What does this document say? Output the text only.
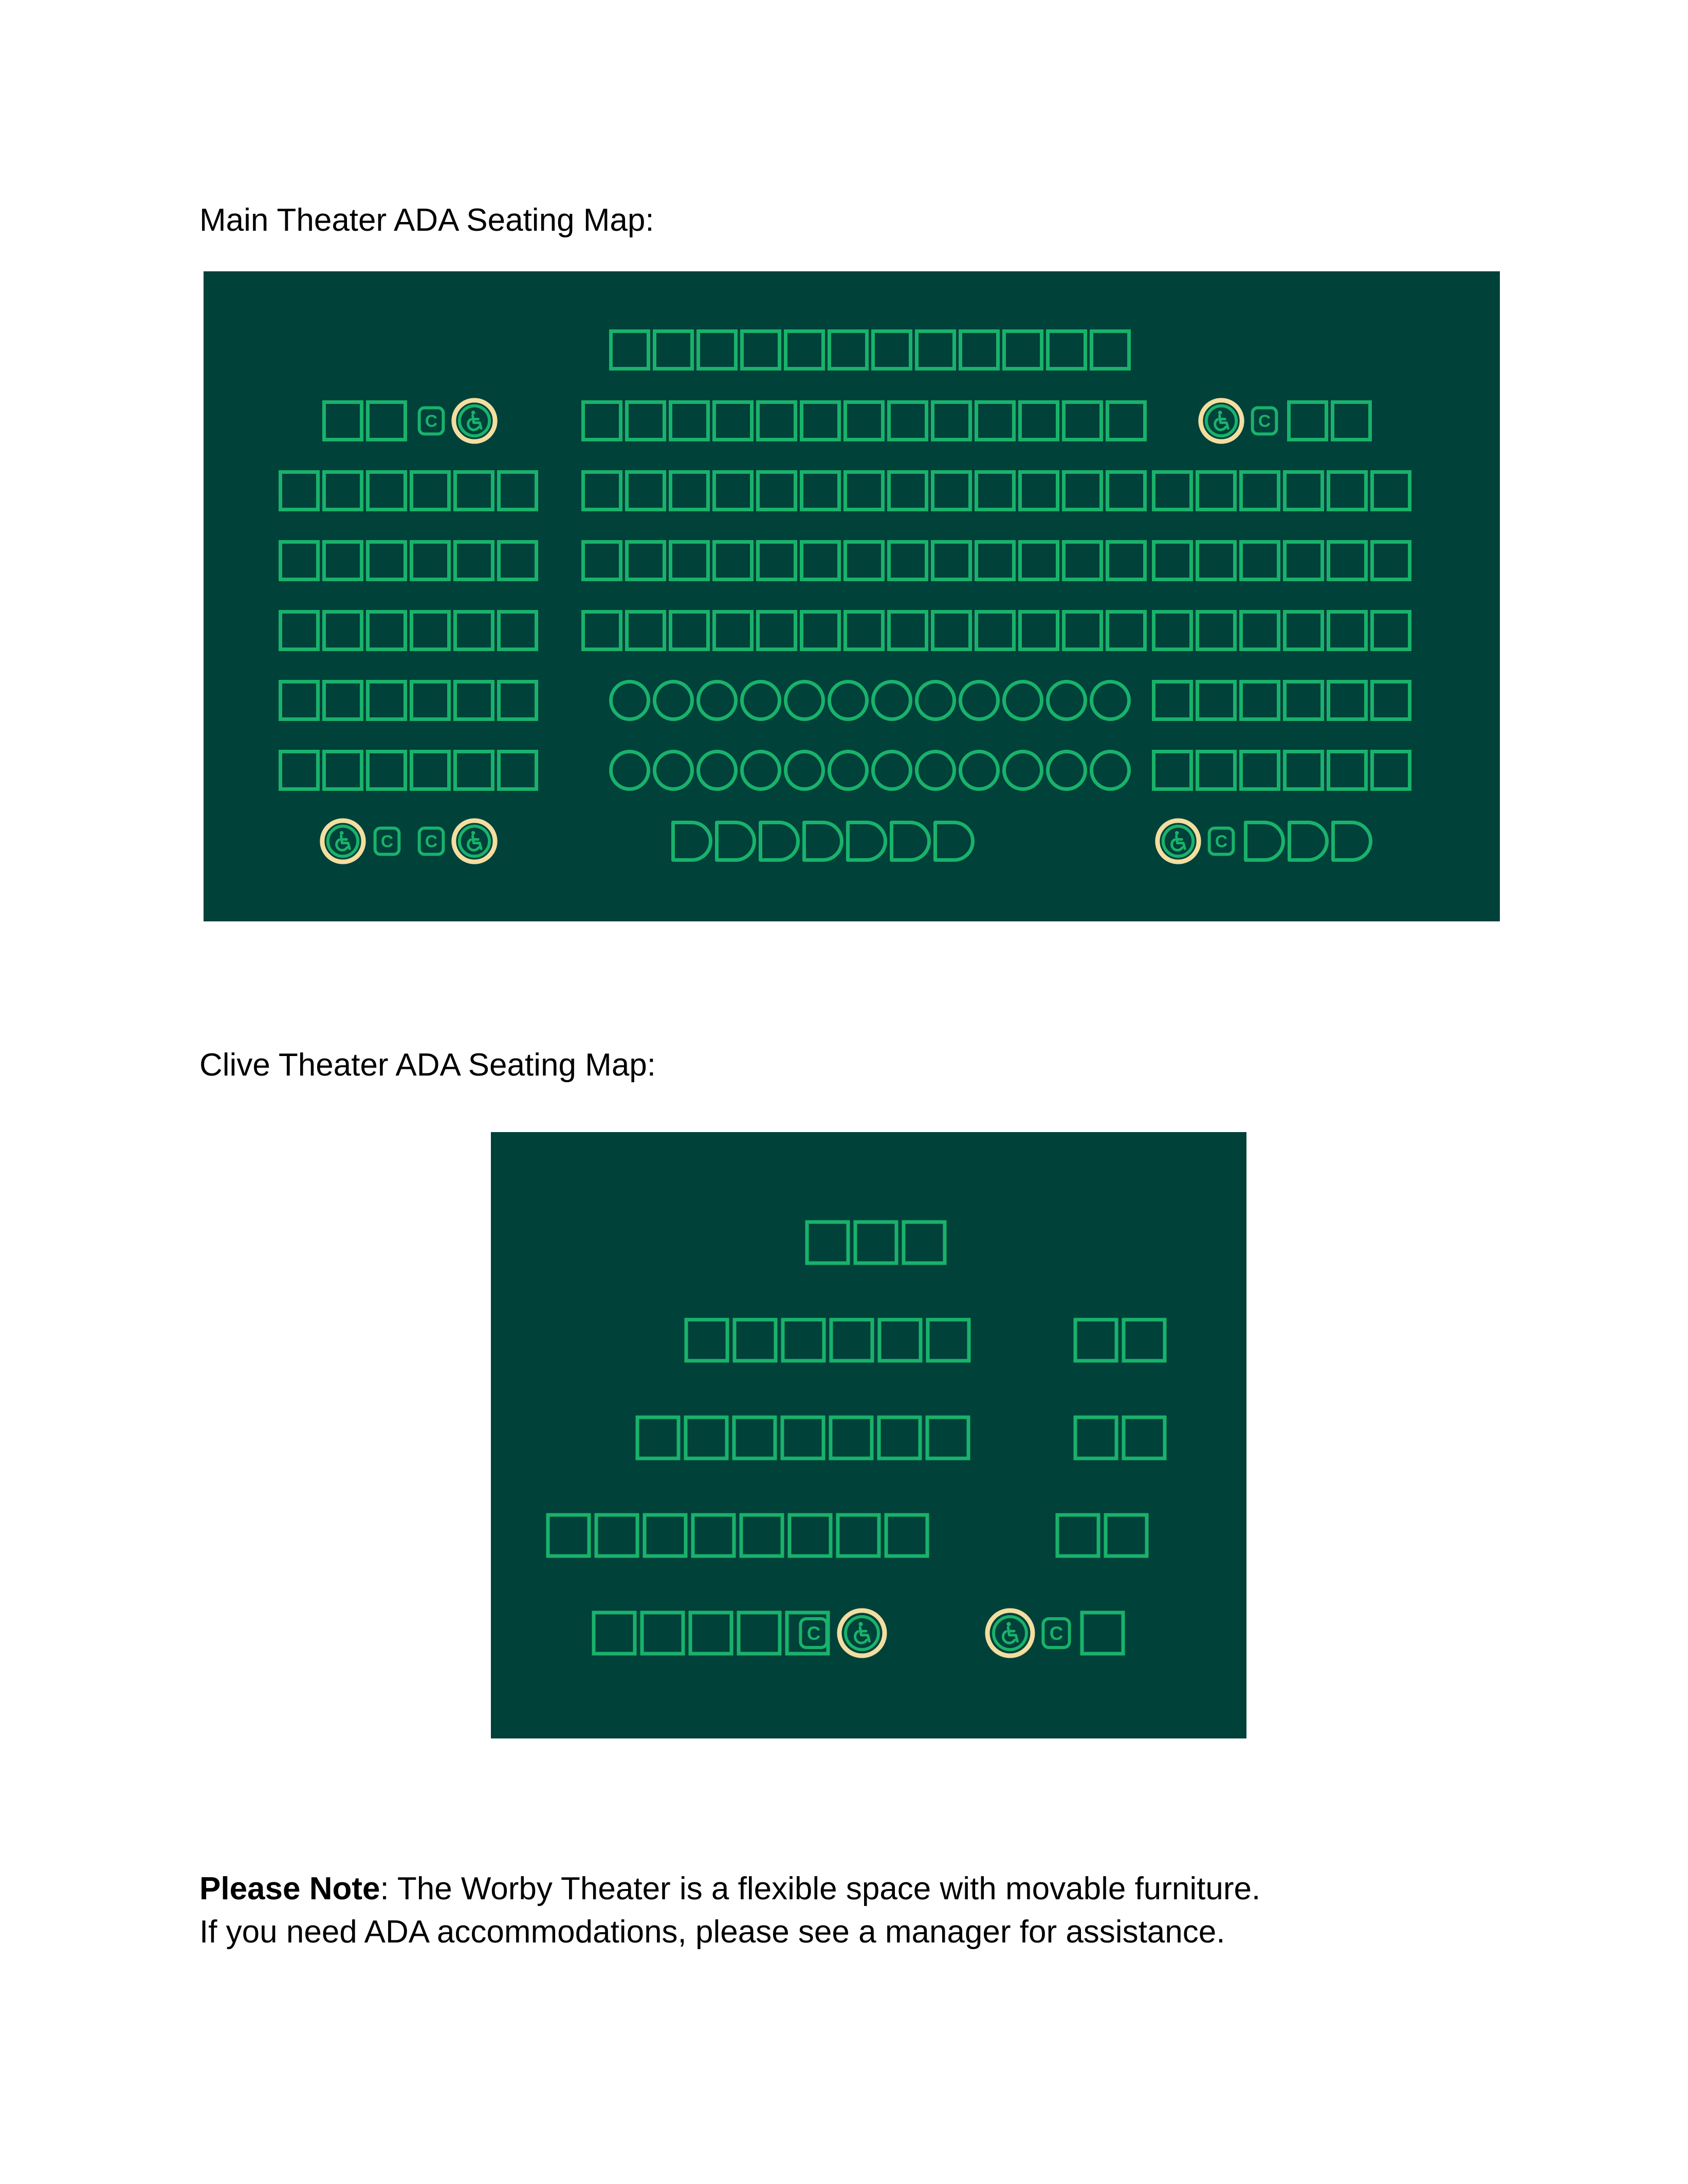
Main Theater ADA Seating Map:
C	C
C C	C
Clive Theater ADA Seating Map:
C	C
Please Note: The Worby Theater is a flexible space with movable furniture.
If you need ADA accommodations, please see a manager for assistance.
